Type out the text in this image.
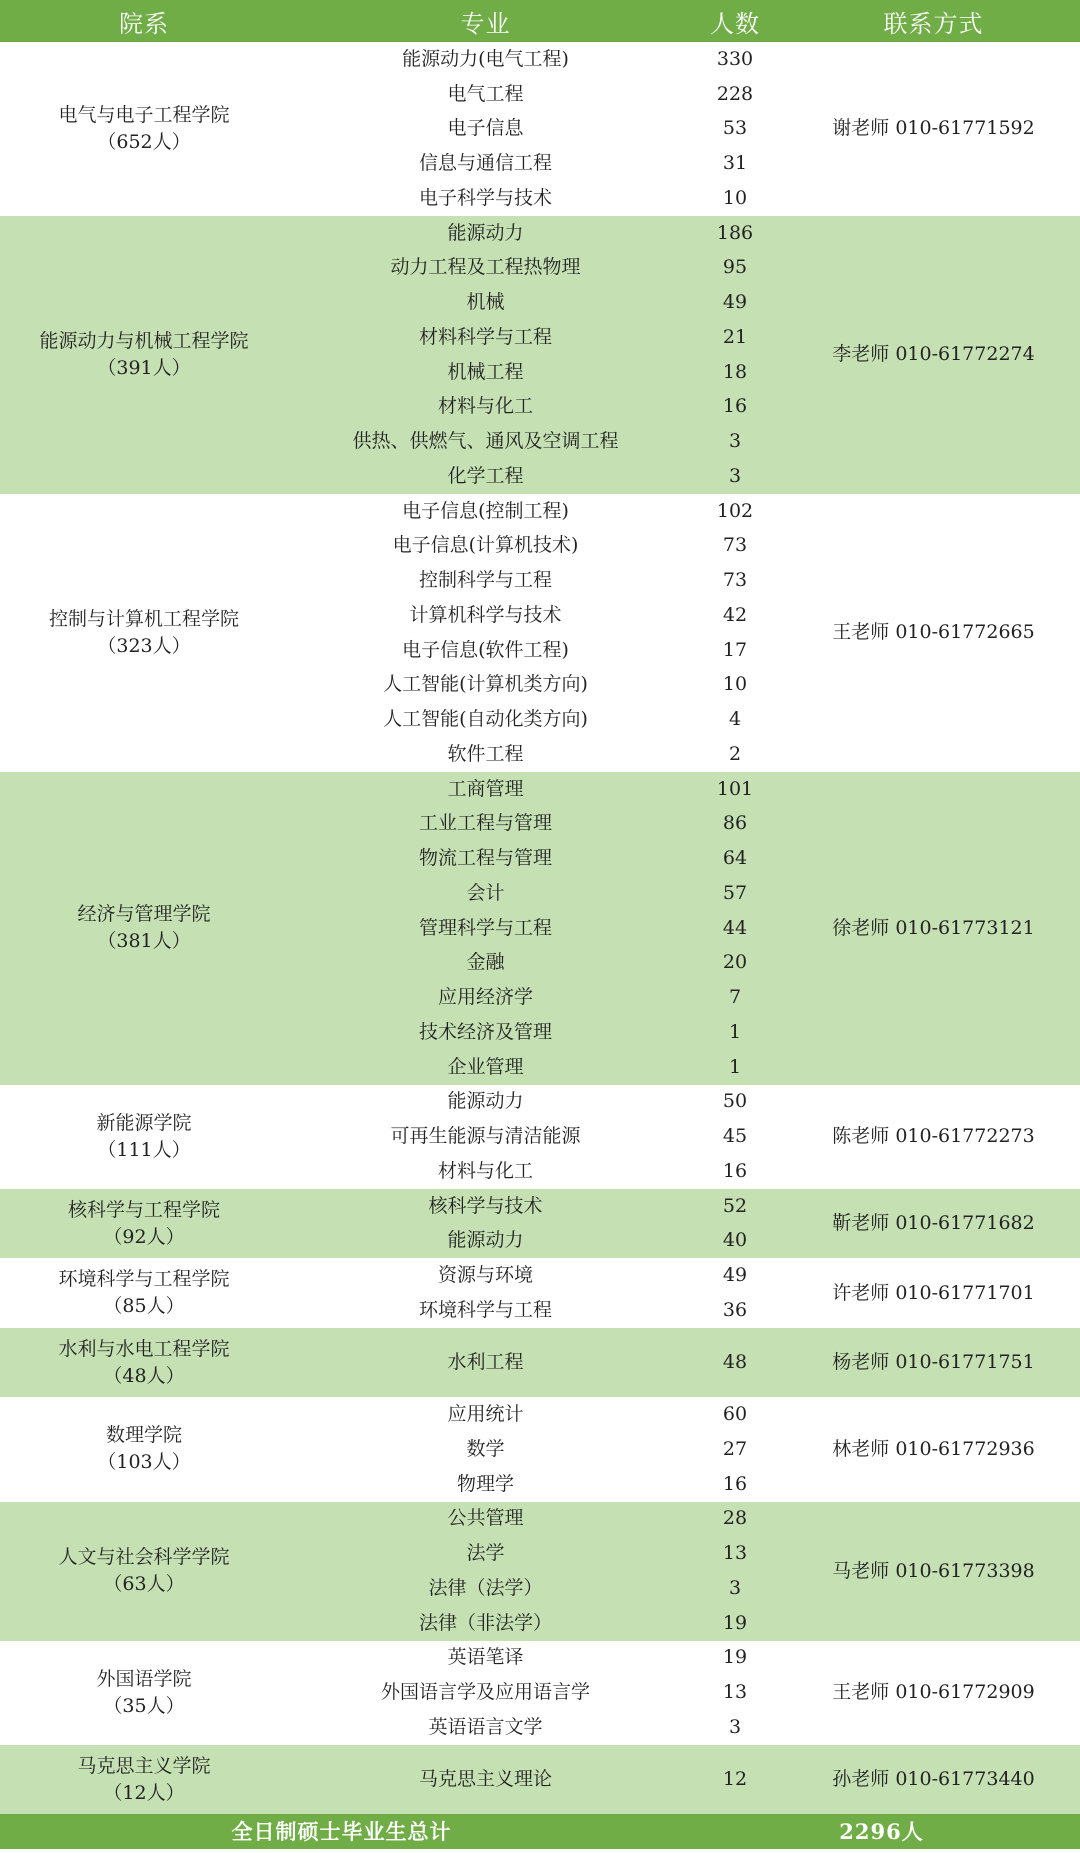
院系	专业	人数	联系方式

电气与电子工程学院
（652人）	能源动力(电气工程)	330	谢老师 010-61771592
	电气工程	228	
	电子信息	53	
	信息与通信工程	31	
	电子科学与技术	10	

能源动力与机械工程学院
（391人）	能源动力	186	李老师 010-61772274
	动力工程及工程热物理	95	
	机械	49	
	材料科学与工程	21	
	机械工程	18	
	材料与化工	16	
	供热、供燃气、通风及空调工程	3	
	化学工程	3	

控制与计算机工程学院
（323人）	电子信息(控制工程)	102	王老师 010-61772665
	电子信息(计算机技术)	73	
	控制科学与工程	73	
	计算机科学与技术	42	
	电子信息(软件工程)	17	
	人工智能(计算机类方向)	10	
	人工智能(自动化类方向)	4	
	软件工程	2	

经济与管理学院
（381人）	工商管理	101	徐老师 010-61773121
	工业工程与管理	86	
	物流工程与管理	64	
	会计	57	
	管理科学与工程	44	
	金融	20	
	应用经济学	7	
	技术经济及管理	1	
	企业管理	1	

新能源学院
（111人）	能源动力	50	陈老师 010-61772273
	可再生能源与清洁能源	45	
	材料与化工	16	

核科学与工程学院
（92人）	核科学与技术	52	靳老师 010-61771682
	能源动力	40	

环境科学与工程学院
（85人）	资源与环境	49	许老师 010-61771701
	环境科学与工程	36	

水利与水电工程学院
（48人）	水利工程	48	杨老师 010-61771751

数理学院
（103人）	应用统计	60	林老师 010-61772936
	数学	27	
	物理学	16	

人文与社会科学学院
（63人）	公共管理	28	马老师 010-61773398
	法学	13	
	法律（法学）	3	
	法律（非法学）	19	

外国语学院
（35人）	英语笔译	19	王老师 010-61772909
	外国语言学及应用语言学	13	
	英语语言文学	3	

马克思主义学院
（12人）	马克思主义理论	12	孙老师 010-61773440
全日制硕士毕业生总计		2296人	
